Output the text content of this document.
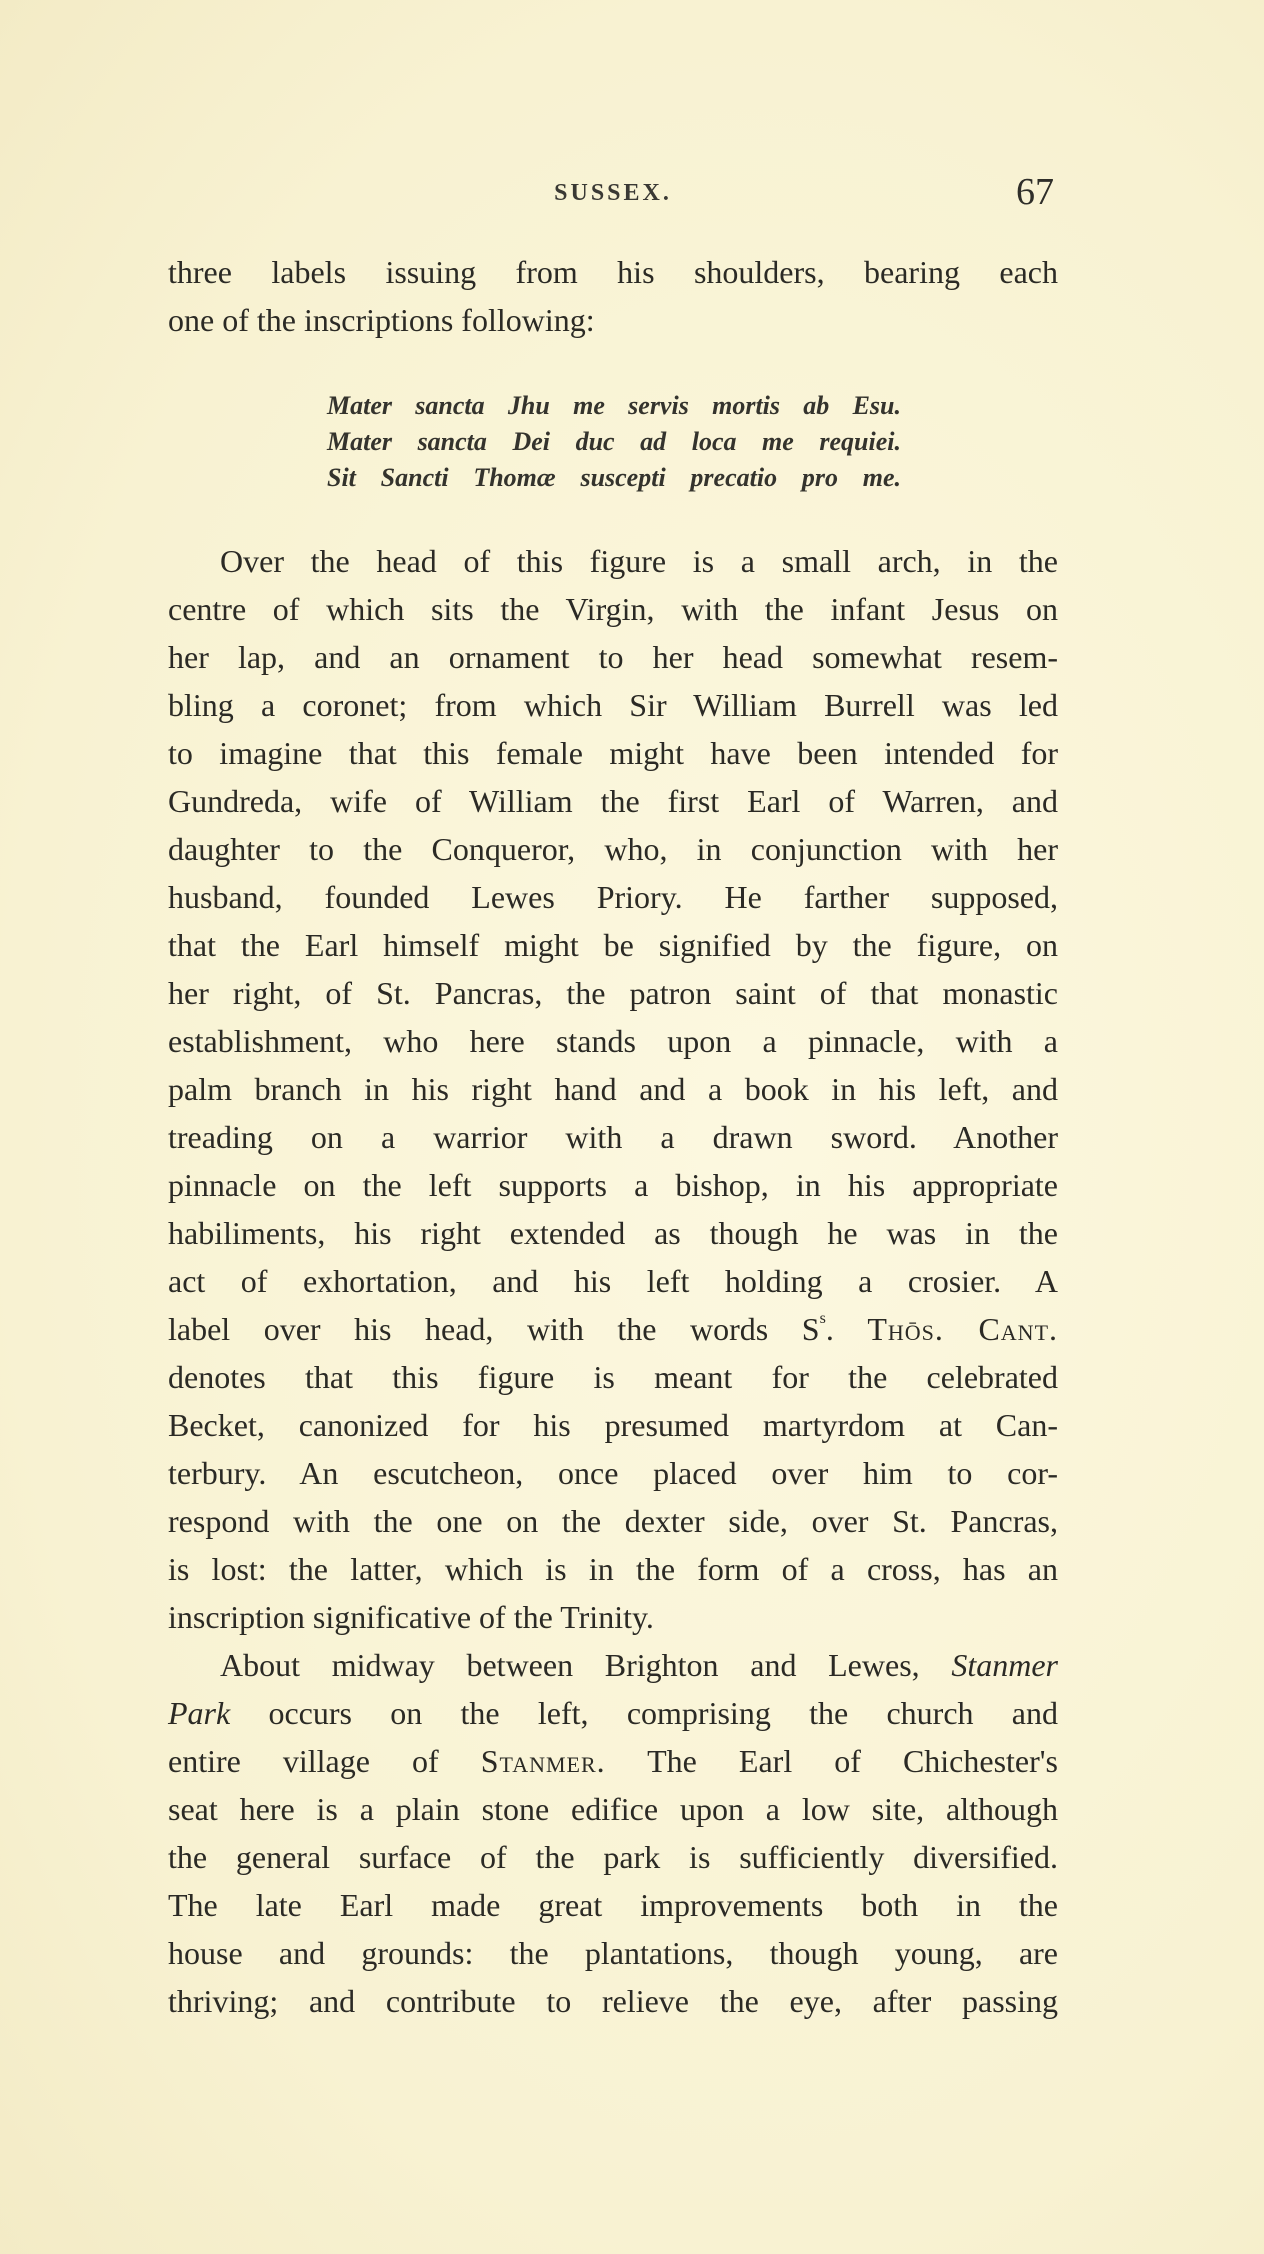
SUSSEX.	67
three labels issuing from his shoulders, bearing each
one of the inscriptions following:
Mater sancta Jhu me servis mortis ab Esu.
Mater sancta Dei duc ad loca me requiei.
Sit Sancti Thomæ suscepti precatio pro me.
Over the head of this figure is a small arch, in the
centre of which sits the Virgin, with the infant Jesus on
her lap, and an ornament to her head somewhat resem-
bling a coronet; from which Sir William Burrell was led
to imagine that this female might have been intended for
Gundreda, wife of William the first Earl of Warren, and
daughter to the Conqueror, who, in conjunction with her
husband, founded Lewes Priory. He farther supposed,
that the Earl himself might be signified by the figure, on
her right, of St. Pancras, the patron saint of that monastic
establishment, who here stands upon a pinnacle, with a
palm branch in his right hand and a book in his left, and
treading on a warrior with a drawn sword. Another
pinnacle on the left supports a bishop, in his appropriate
habiliments, his right extended as though he was in the
act of exhortation, and his left holding a crosier. A
label over his head, with the words $S^s$. Thōs. Cant.
denotes that this figure is meant for the celebrated
Becket, canonized for his presumed martyrdom at Can-
terbury. An escutcheon, once placed over him to cor-
respond with the one on the dexter side, over St. Pancras,
is lost: the latter, which is in the form of a cross, has an
inscription significative of the Trinity.
About midway between Brighton and Lewes, Stanmer
Park occurs on the left, comprising the church and
entire village of Stanmer. The Earl of Chichester's
seat here is a plain stone edifice upon a low site, although
the general surface of the park is sufficiently diversified.
The late Earl made great improvements both in the
house and grounds: the plantations, though young, are
thriving; and contribute to relieve the eye, after passing
